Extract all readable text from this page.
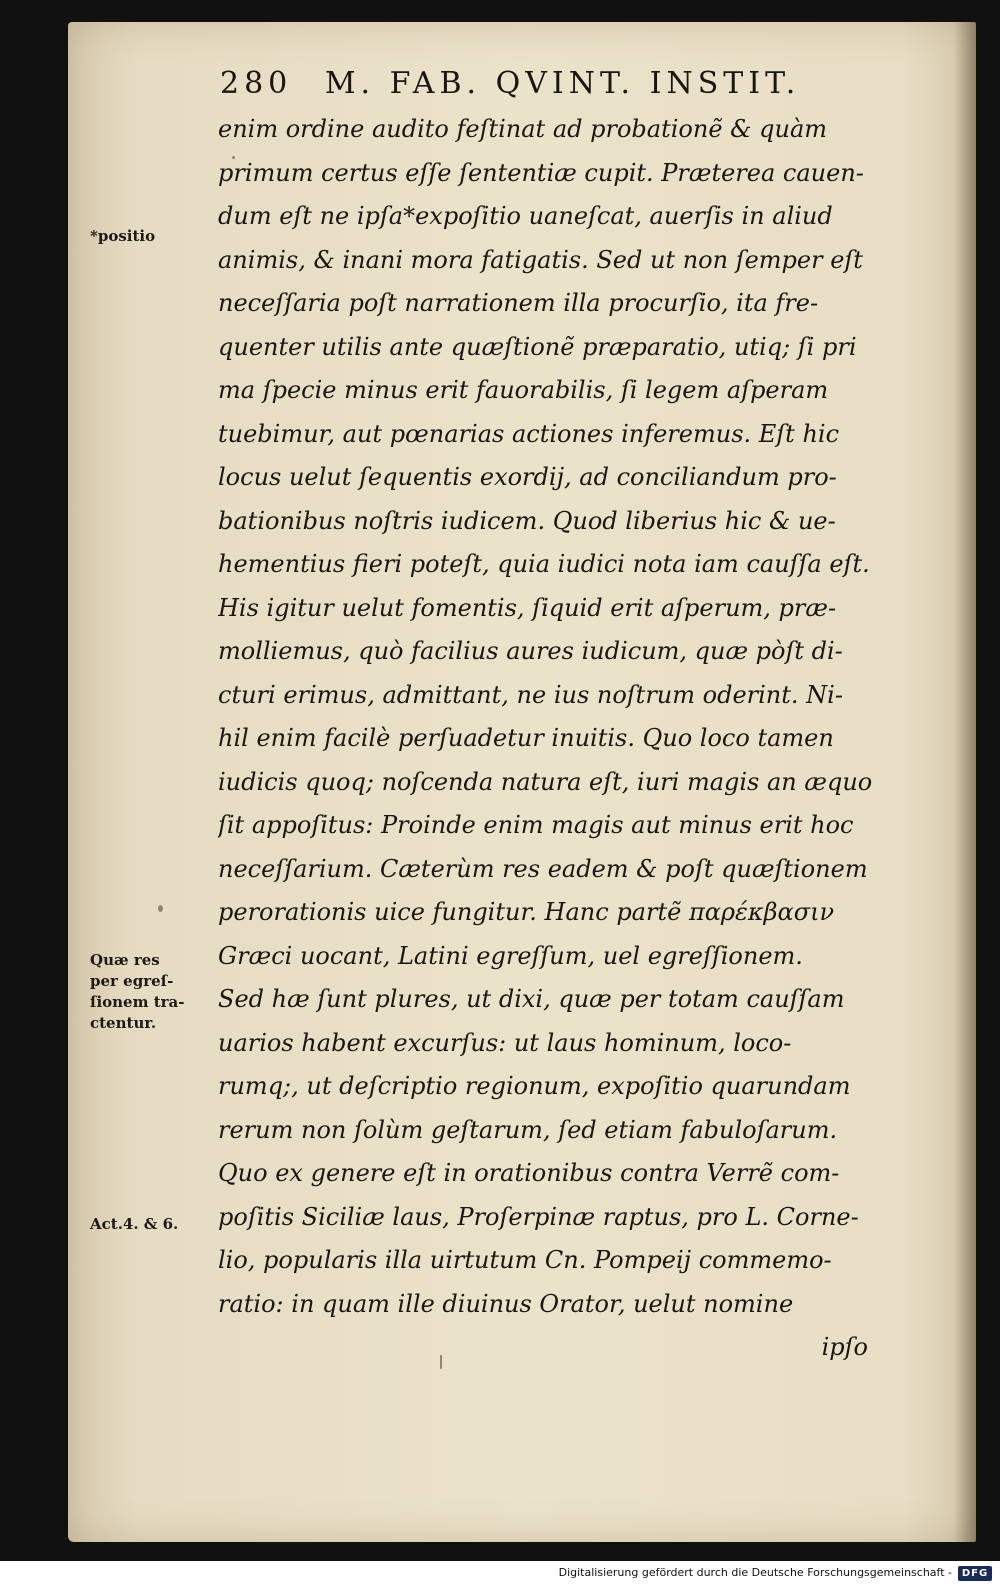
280 M. FAB. QVINT. INSTIT.
*positio
Quæ res
per egreſ-
ſionem tra-
ctentur.
Act.4. & 6.
enim ordine audito feſtinat ad probationẽ & quàm
primum certus eſſe ſententiæ cupit. Præterea cauen-
dum eſt ne ipſa*expoſitio uaneſcat, auerſis in aliud
animis, & inani mora fatigatis. Sed ut non ſemper eſt
neceſſaria poſt narrationem illa procurſio, ita fre-
quenter utilis ante quæſtionẽ præparatio, utiq; ſi pri
ma ſpecie minus erit fauorabilis, ſi legem aſperam
tuebimur, aut pœnarias actiones inferemus. Eſt hic
locus uelut ſequentis exordij, ad conciliandum pro-
bationibus noſtris iudicem. Quod liberius hic & ue-
hementius fieri poteſt, quia iudici nota iam cauſſa eſt.
His igitur uelut fomentis, ſiquid erit aſperum, præ-
molliemus, quò facilius aures iudicum, quæ pòſt di-
cturi erimus, admittant, ne ius noſtrum oderint. Ni-
hil enim facilè perſuadetur inuitis. Quo loco tamen
iudicis quoq; noſcenda natura eſt, iuri magis an æquo
ſit appoſitus: Proinde enim magis aut minus erit hoc
neceſſarium. Cæterùm res eadem & poſt quæſtionem
perorationis uice fungitur. Hanc partẽ παρέκβασιν
Græci uocant, Latini egreſſum, uel egreſſionem.
Sed hæ ſunt plures, ut dixi, quæ per totam cauſſam
uarios habent excurſus: ut laus hominum, loco-
rumq;, ut deſcriptio regionum, expoſitio quarundam
rerum non ſolùm geſtarum, ſed etiam fabuloſarum.
Quo ex genere eſt in orationibus contra Verrẽ com-
poſitis Siciliæ laus, Proſerpinæ raptus, pro L. Corne-
lio, popularis illa uirtutum Cn. Pompeij commemo-
ratio: in quam ille diuinus Orator, uelut nomine
ipſo
Digitalisierung gefördert durch die Deutsche Forschungsgemeinschaft - DFG
